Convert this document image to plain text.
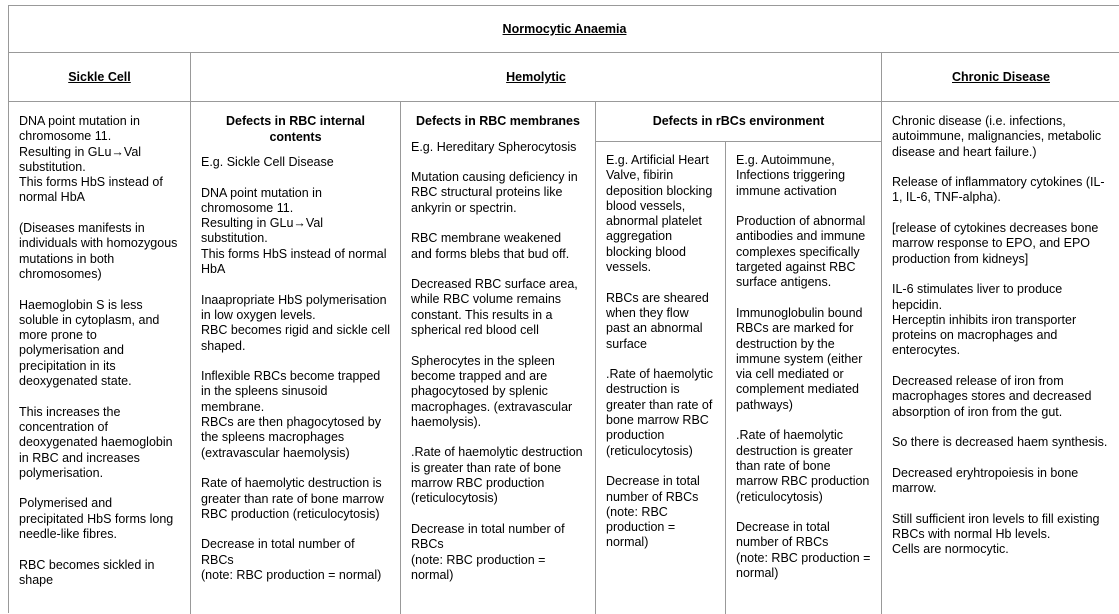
Normocytic Anaemia
Sickle Cell	Hemolytic	Chronic Disease

DNA point mutation in chromosome 11.
Resulting in GLu→Val substitution.
This forms HbS instead of normal HbA

(Diseases manifests in individuals with homozygous mutations in both chromosomes)

Haemoglobin S is less soluble in cytoplasm, and more prone to polymerisation and precipitation in its deoxygenated state.

This increases the concentration of deoxygenated haemoglobin in RBC and increases polymerisation.

Polymerised and precipitated HbS forms long needle-like fibres.

RBC becomes sickled in shape

Defects in RBC internal contents

E.g. Sickle Cell Disease

DNA point mutation in chromosome 11.
Resulting in GLu→Val substitution.
This forms HbS instead of normal HbA

Inaapropriate HbS polymerisation in low oxygen levels.
RBC becomes rigid and sickle cell shaped.

Inflexible RBCs become trapped in the spleens sinusoid membrane.
RBCs are then phagocytosed by the spleens macrophages (extravascular haemolysis)

Rate of haemolytic destruction is greater than rate of bone marrow RBC production (reticulocytosis)

Decrease in total number of RBCs
(note: RBC production = normal)

Defects in RBC membranes

E.g. Hereditary Spherocytosis

Mutation causing deficiency in RBC structural proteins like ankyrin or spectrin.

RBC membrane weakened and forms blebs that bud off.

Decreased RBC surface area, while RBC volume remains constant. This results in a spherical red blood cell

Spherocytes in the spleen become trapped and are phagocytosed by splenic macrophages. (extravascular haemolysis).

.Rate of haemolytic destruction is greater than rate of bone marrow RBC production (reticulocytosis)

Decrease in total number of RBCs
(note: RBC production = normal)

Defects in rBCs environment

E.g. Artificial Heart Valve, fibirin deposition blocking blood vessels, abnormal platelet aggregation blocking blood vessels.

RBCs are sheared when they flow past an abnormal surface

.Rate of haemolytic destruction is greater than rate of bone marrow RBC production (reticulocytosis)

Decrease in total number of RBCs
(note: RBC production = normal)

E.g. Autoimmune, Infections triggering immune activation

Production of abnormal antibodies and immune complexes specifically targeted against RBC surface antigens.

Immunoglobulin bound RBCs are marked for destruction by the immune system (either via cell mediated or complement mediated pathways)

.Rate of haemolytic destruction is greater than rate of bone marrow RBC production (reticulocytosis)

Decrease in total number of RBCs
(note: RBC production = normal)

Chronic disease (i.e. infections, autoimmune, malignancies, metabolic disease and heart failure.)

Release of inflammatory cytokines (IL-1, IL-6, TNF-alpha).

[release of cytokines decreases bone marrow response to EPO, and EPO production from kidneys]

IL-6 stimulates liver to produce hepcidin.
Herceptin inhibits iron transporter proteins on macrophages and enterocytes.

Decreased release of iron from macrophages stores and decreased absorption of iron from the gut.

So there is decreased haem synthesis.

Decreased eryhtropoiesis in bone marrow.

Still sufficient iron levels to fill existing RBCs with normal Hb levels.
Cells are normocytic.
